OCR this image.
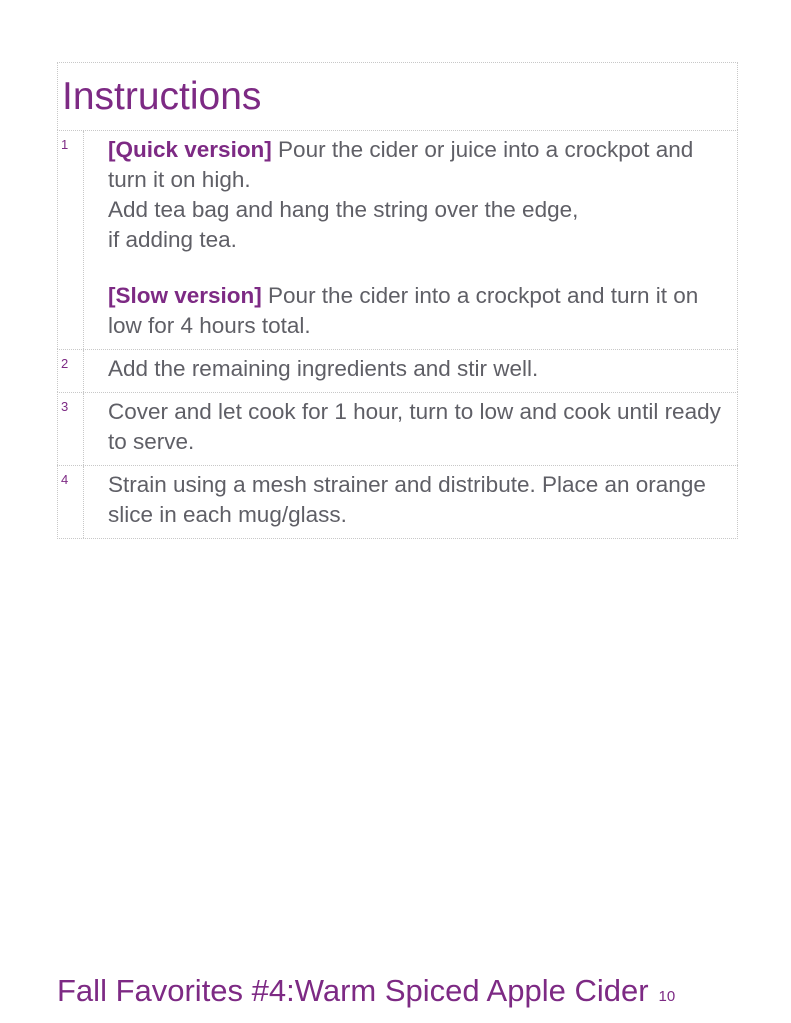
Instructions
1	[Quick version] Pour the cider or juice into a crockpot and turn it on high.
Add tea bag and hang the string over the edge,
if adding tea.
[Slow version] Pour the cider into a crockpot and turn it on low for 4 hours total.
2	Add the remaining ingredients and stir well.
3	Cover and let cook for 1 hour, turn to low and cook until ready to serve.
4	Strain using a mesh strainer and distribute. Place an orange slice in each mug/glass.
Fall Favorites #4:Warm Spiced Apple Cider 10
